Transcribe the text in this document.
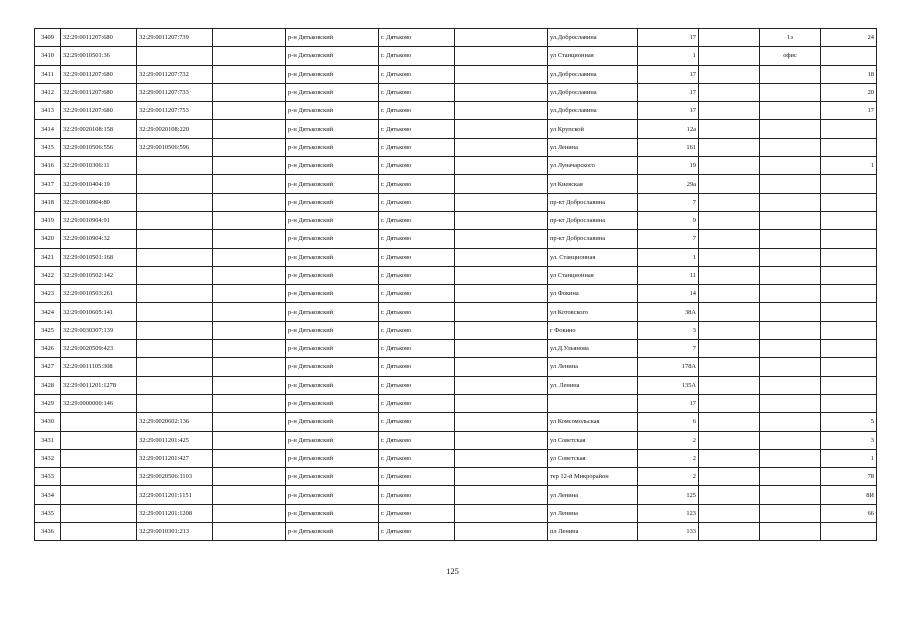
3409	32:29:0011207:680	32:29:0011207:739		р-н Дятьковский	г. Дятьково		ул.Доброславина	17		1э	24
3410	32:29:0010501:36			р-н Дятьковский	г. Дятьково		ул Станционная	1		офис	
3411	32:29:0011207:680	32:29:0011207:732		р-н Дятьковский	г. Дятьково		ул.Доброславина	17			18
3412	32:29:0011207:680	32:29:0011207:733		р-н Дятьковский	г. Дятьково		ул.Доброславина	17			20
3413	32:29:0011207:680	32:29:0011207:753		р-н Дятьковский	г. Дятьково		ул.Доброславина	17			17
3414	32:29:0020108:158	32:29:0020108:220		р-н Дятьковский	г. Дятьково		ул Крупской	12а			
3415	32:29:0010506:556	32:29:0010506:596		р-н Дятьковский	г. Дятьково		ул Ленина	161			
3416	32:29:0010306:11			р-н Дятьковский	г. Дятьково		ул Луначарского	19			1
3417	32:29:0010404:19			р-н Дятьковский	г. Дятьково		ул Киевская	29а			
3418	32:29:0010904:80			р-н Дятьковский	г. Дятьково		пр-кт Доброславина	7			
3419	32:29:0010904:91			р-н Дятьковский	г. Дятьково		пр-кт Доброславина	9			
3420	32:29:0010904:32			р-н Дятьковский	г. Дятьково		пр-кт Доброславина	7			
3421	32:29:0010501:168			р-н Дятьковский	г. Дятьково		ул. Станционная	1			
3422	32:29:0010502:142			р-н Дятьковский	г. Дятьково		ул Станционная	11			
3423	32:29:0010503:261			р-н Дятьковский	г. Дятьково		ул Фокина	14			
3424	32:29:0010605:141			р-н Дятьковский	г. Дятьково		ул Котовского	38А			
3425	32:29:0030307:139			р-н Дятьковский	г. Дятьково		г Фокино	3			
3426	32:29:0020509:423			р-н Дятьковский	г. Дятьково		ул.Д.Ульянова	7			
3427	32:29:0011105:308			р-н Дятьковский	г. Дятьково		ул Ленина	178А			
3428	32:29:0011201:1278			р-н Дятьковский	г. Дятьково		ул. Ленина	135А			
3429	32:29:0000000:146			р-н Дятьковский	г. Дятьково			17			
3430		32:29:0020602:136		р-н Дятьковский	г. Дятьково		ул Комсомольская	6			5
3431		32:29:0011201:425		р-н Дятьковский	г. Дятьково		ул Советская	2			3
3432		32:29:0011201:427		р-н Дятьковский	г. Дятьково		ул Советская	2			1
3433		32:29:0020506:1103		р-н Дятьковский	г. Дятьково		тер 12-й Микрорайон	2			78
3434		32:29:0011201:1151		р-н Дятьковский	г. Дятьково		ул Ленина	125			8И
3435		32:29:0011201:1208		р-н Дятьковский	г. Дятьково		ул Ленина	123			66
3436		32:29:0010301:213		р-н Дятьковский	г. Дятьково		пл Ленина	133			
125
